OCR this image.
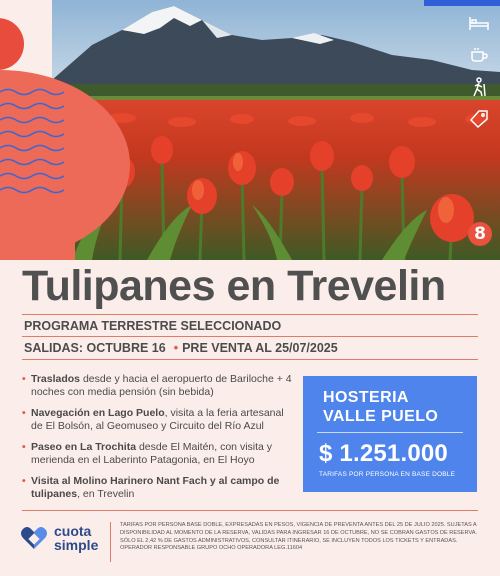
8
Tulipanes en Trevelin
PROGRAMA TERRESTRE SELECCIONADO
SALIDAS: OCTUBRE 16 • PRE VENTA AL 25/07/2025
• Traslados desde y hacia el aeropuerto de Bariloche + 4 noches con media pensión (sin bebida)
• Navegación en Lago Puelo, visita a la feria artesanal de El Bolsón, al Geomuseo y Circuito del Río Azul
• Paseo en La Trochita desde El Maitén, con visita y merienda en el Laberinto Patagonia, en El Hoyo
• Visita al Molino Harinero Nant Fach y al campo de tulipanes, en Trevelin
HOSTERIA
VALLE PUELO
$ 1.251.000
TARIFAS POR PERSONA EN BASE DOBLE
cuota
simple
TARIFAS POR PERSONA BASE DOBLE, EXPRESADAS EN PESOS, VIGENCIA DE PREVENTA ANTES DEL 25 DE JULIO 2025. SUJETAS A DISPONIBILIDAD AL MOMENTO DE LA RESERVA, VALIDAS PARA INGRESAR 16 DE OCTUBRE, NO SE COBRAN GASTOS DE RESERVA. SÓLO EL 2,42 % DE GASTOS ADMINISTRATIVOS, CONSULTAR ITINERARIO, SE INCLUYEN TODOS LOS TICKETS Y ENTRADAS. OPERADOR RESPONSABLE GRUPO OCHO OPERADORA LEG.11604
